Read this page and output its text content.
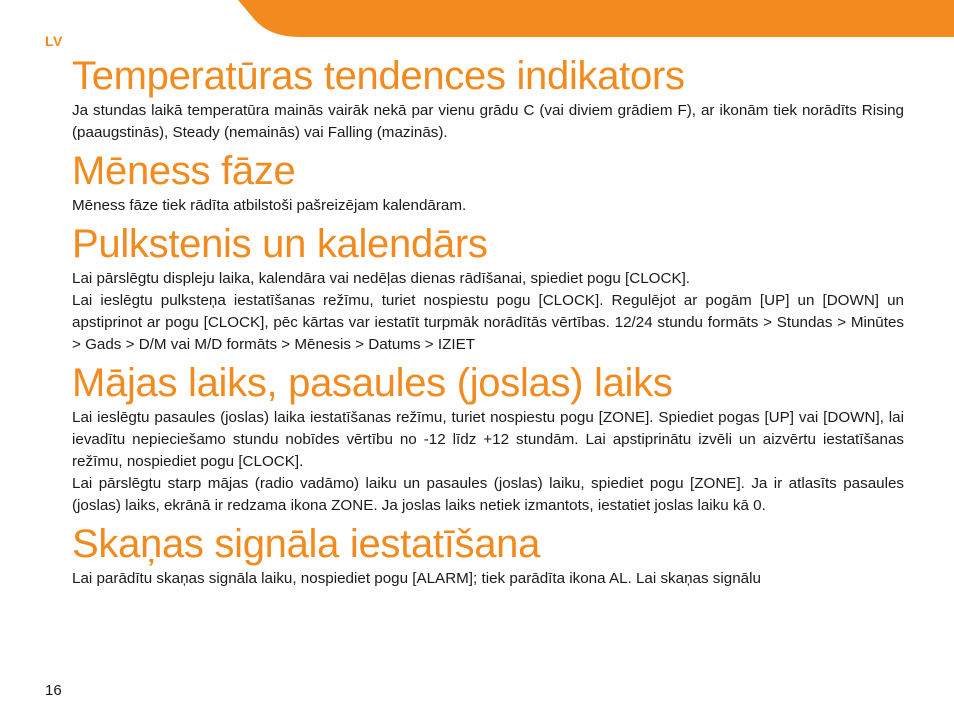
LV
Temperatūras tendences indikators

Ja stundas laikā temperatūra mainās vairāk nekā par vienu grādu C (vai diviem grādiem F), ar ikonām tiek norādīts Rising (paaugstinās), Steady (nemainās) vai Falling (mazinās).

Mēness fāze

Mēness fāze tiek rādīta atbilstoši pašreizējam kalendāram.

Pulkstenis un kalendārs

Lai pārslēgtu displeju laika, kalendāra vai nedēļas dienas rādīšanai, spiediet pogu [CLOCK].

Lai ieslēgtu pulksteņa iestatīšanas režīmu, turiet nospiestu pogu [CLOCK]. Regulējot ar pogām [UP] un [DOWN] un apstiprinot ar pogu [CLOCK], pēc kārtas var iestatīt turpmāk norādītās vērtības. 12/24 stundu formāts > Stundas > Minūtes > Gads > D/M vai M/D formāts > Mēnesis > Datums > IZIET

Mājas laiks, pasaules (joslas) laiks

Lai ieslēgtu pasaules (joslas) laika iestatīšanas režīmu, turiet nospiestu pogu [ZONE]. Spiediet pogas [UP] vai [DOWN], lai ievadītu nepieciešamo stundu nobīdes vērtību no -12 līdz +12 stundām. Lai apstiprinātu izvēli un aizvērtu iestatīšanas režīmu, nospiediet pogu [CLOCK].

Lai pārslēgtu starp mājas (radio vadāmo) laiku un pasaules (joslas) laiku, spiediet pogu [ZONE]. Ja ir atlasīts pasaules (joslas) laiks, ekrānā ir redzama ikona ZONE. Ja joslas laiks netiek izmantots, iestatiet joslas laiku kā 0.

Skaņas signāla iestatīšana

Lai parādītu skaņas signāla laiku, nospiediet pogu [ALARM]; tiek parādīta ikona AL. Lai skaņas signālu

16
